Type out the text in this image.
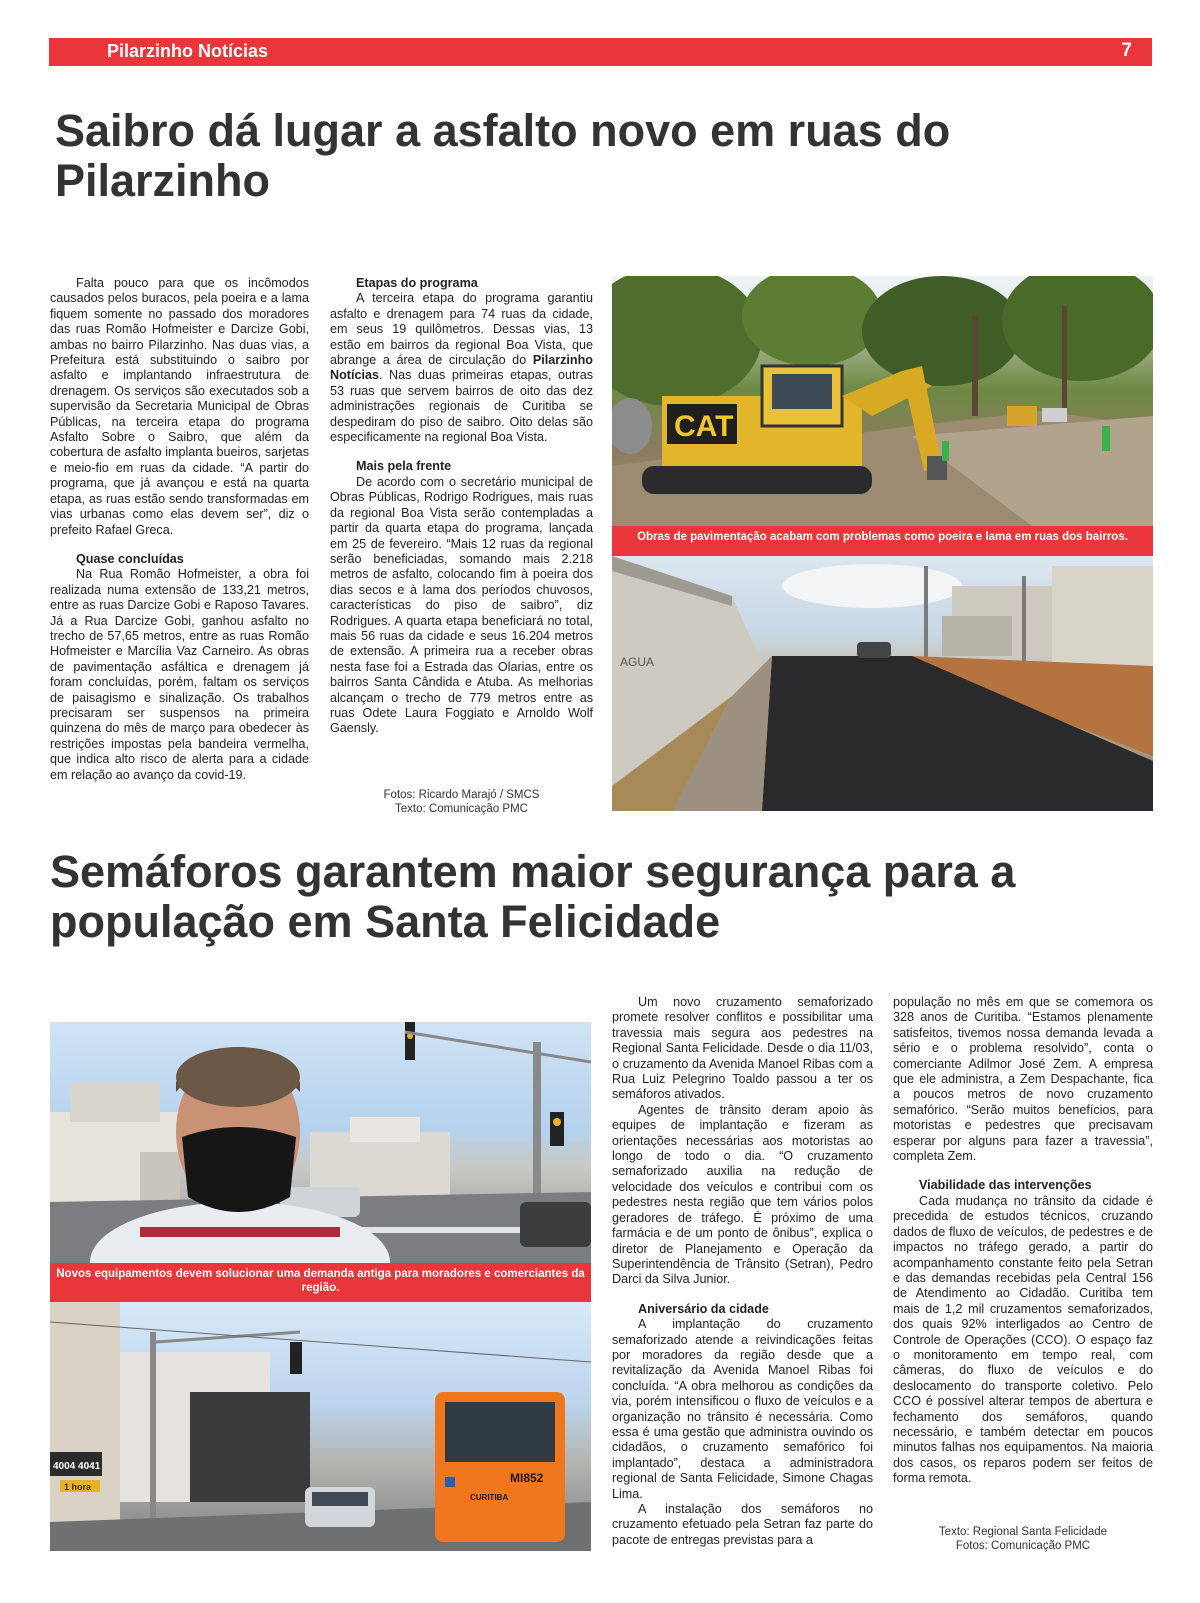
Pilarzinho Notícias	7
Saibro dá lugar a asfalto novo em ruas do Pilarzinho

Falta pouco para que os incômodos causados pelos buracos, pela poeira e a lama fiquem somente no passado dos moradores das ruas Romão Hofmeister e Darcize Gobi, ambas no bairro Pilarzinho. Nas duas vias, a Prefeitura está substituindo o saibro por asfalto e implantando infraestrutura de drenagem. Os serviços são executados sob a supervisão da Secretaria Municipal de Obras Públicas, na terceira etapa do programa Asfalto Sobre o Saibro, que além da cobertura de asfalto implanta bueiros, sarjetas e meio-fio em ruas da cidade. “A partir do programa, que já avançou e está na quarta etapa, as ruas estão sendo transformadas em vias urbanas como elas devem ser”, diz o prefeito Rafael Greca.

Quase concluídas

Na Rua Romão Hofmeister, a obra foi realizada numa extensão de 133,21 metros, entre as ruas Darcize Gobi e Raposo Tavares. Já a Rua Darcize Gobi, ganhou asfalto no trecho de 57,65 metros, entre as ruas Romão Hofmeister e Marcília Vaz Carneiro. As obras de pavimentação asfáltica e drenagem já foram concluídas, porém, faltam os serviços de paisagismo e sinalização. Os trabalhos precisaram ser suspensos na primeira quinzena do mês de março para obedecer às restrições impostas pela bandeira vermelha, que indica alto risco de alerta para a cidade em relação ao avanço da covid-19.

Etapas do programa

A terceira etapa do programa garantiu asfalto e drenagem para 74 ruas da cidade, em seus 19 quilômetros. Dessas vias, 13 estão em bairros da regional Boa Vista, que abrange a área de circulação do Pilarzinho Notícias. Nas duas primeiras etapas, outras 53 ruas que servem bairros de oito das dez administrações regionais de Curitiba se despediram do piso de saibro. Oito delas são especificamente na regional Boa Vista.

Mais pela frente

De acordo com o secretário municipal de Obras Públicas, Rodrigo Rodrigues, mais ruas da regional Boa Vista serão contempladas a partir da quarta etapa do programa, lançada em 25 de fevereiro. “Mais 12 ruas da regional serão beneficiadas, somando mais 2.218 metros de asfalto, colocando fim à poeira dos dias secos e à lama dos períodos chuvosos, características do piso de saibro”, diz Rodrigues. A quarta etapa beneficiará no total, mais 56 ruas da cidade e seus 16.204 metros de extensão. A primeira rua a receber obras nesta fase foi a Estrada das Olarias, entre os bairros Santa Cândida e Atuba. As melhorias alcançam o trecho de 779 metros entre as ruas Odete Laura Foggiato e Arnoldo Wolf Gaensly.

Fotos: Ricardo Marajó / SMCS
Texto: Comunicação PMC
CAT
Obras de pavimentação acabam com problemas como poeira e lama em ruas dos bairros.
AGUA
Semáforos garantem maior segurança para a população em Santa Felicidade
Novos equipamentos devem solucionar uma demanda antiga para moradores e comerciantes da região.
4004 4041
1 hora
MI852
CURITIBA

Um novo cruzamento semaforizado promete resolver conflitos e possibilitar uma travessia mais segura aos pedestres na Regional Santa Felicidade. Desde o dia 11/03, o cruzamento da Avenida Manoel Ribas com a Rua Luiz Pelegrino Toaldo passou a ter os semáforos ativados.

Agentes de trânsito deram apoio às equipes de implantação e fizeram as orientações necessárias aos motoristas ao longo de todo o dia. “O cruzamento semaforizado auxilia na redução de velocidade dos veículos e contribui com os pedestres nesta região que tem vários polos geradores de tráfego. É próximo de uma farmácia e de um ponto de ônibus”, explica o diretor de Planejamento e Operação da Superintendência de Trânsito (Setran), Pedro Darci da Silva Junior.

Aniversário da cidade

A implantação do cruzamento semaforizado atende a reivindicações feitas por moradores da região desde que a revitalização da Avenida Manoel Ribas foi concluída. “A obra melhorou as condições da via, porém intensificou o fluxo de veículos e a organização no trânsito é necessária. Como essa é uma gestão que administra ouvindo os cidadãos, o cruzamento semafórico foi implantado”, destaca a administradora regional de Santa Felicidade, Simone Chagas Lima.

A instalação dos semáforos no cruzamento efetuado pela Setran faz parte do pacote de entregas previstas para a

população no mês em que se comemora os 328 anos de Curitiba. “Estamos plenamente satisfeitos, tivemos nossa demanda levada a sério e o problema resolvido”, conta o comerciante Adilmor José Zem. A empresa que ele administra, a Zem Despachante, fica a poucos metros de novo cruzamento semafórico. “Serão muitos benefícios, para motoristas e pedestres que precisavam esperar por alguns para fazer a travessia”, completa Zem.

Viabilidade das intervenções

Cada mudança no trânsito da cidade é precedida de estudos técnicos, cruzando dados de fluxo de veículos, de pedestres e de impactos no tráfego gerado, a partir do acompanhamento constante feito pela Setran e das demandas recebidas pela Central 156 de Atendimento ao Cidadão. Curitiba tem mais de 1,2 mil cruzamentos semaforizados, dos quais 92% interligados ao Centro de Controle de Operações (CCO). O espaço faz o monitoramento em tempo real, com câmeras, do fluxo de veículos e do deslocamento do transporte coletivo. Pelo CCO é possível alterar tempos de abertura e fechamento dos semáforos, quando necessário, e também detectar em poucos minutos falhas nos equipamentos. Na maioria dos casos, os reparos podem ser feitos de forma remota.

Texto: Regional Santa Felicidade
Fotos: Comunicação PMC
